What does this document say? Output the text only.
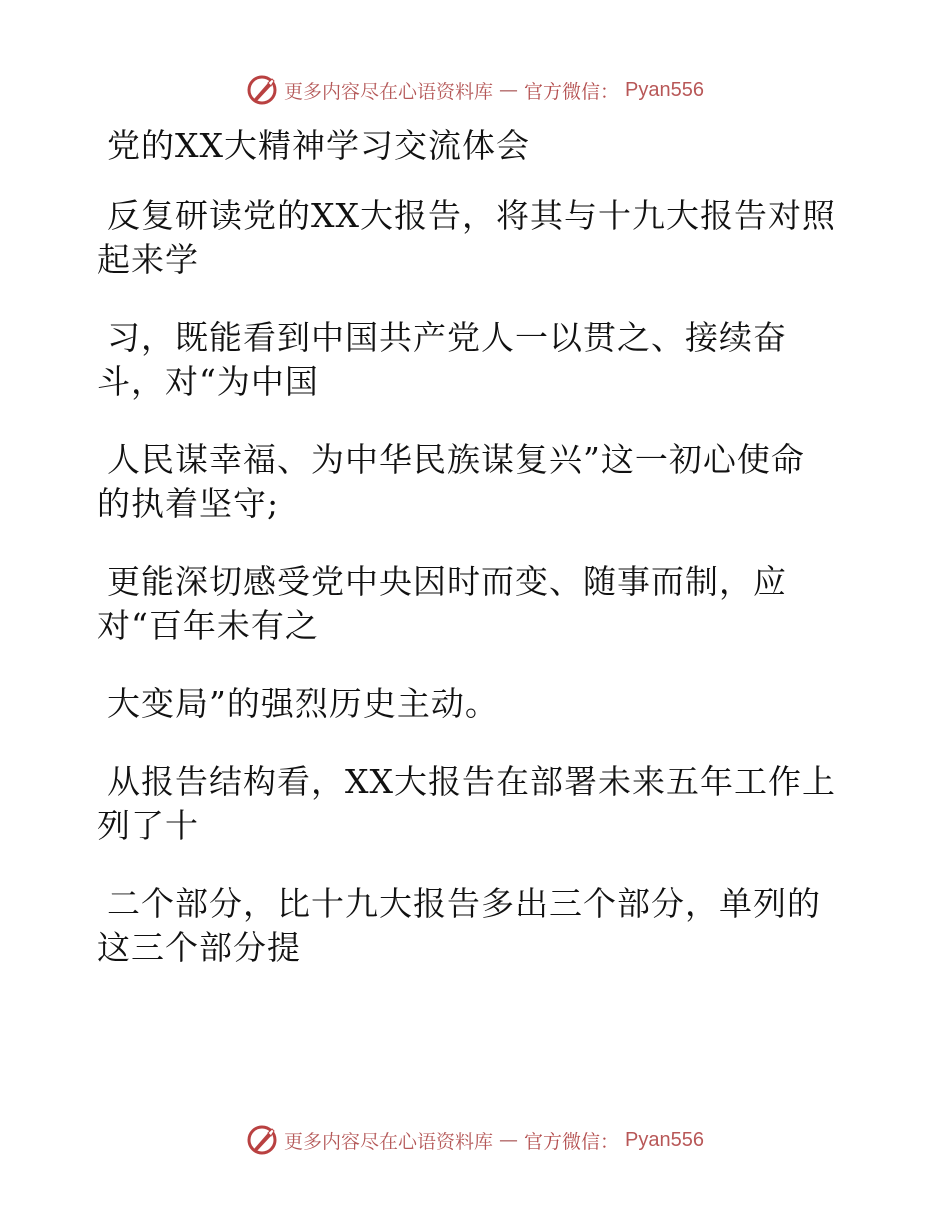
更多内容尽在心语资料库 — 官方微信： Pyan556
党的XX大精神学习交流体会
反复研读党的XX大报告，将其与十九大报告对照
起来学
习，既能看到中国共产党人一以贯之、接续奋
斗，对“为中国
人民谋幸福、为中华民族谋复兴”这一初心使命
的执着坚守;
更能深切感受党中央因时而变、随事而制，应
对“百年未有之
大变局”的强烈历史主动。
从报告结构看，XX大报告在部署未来五年工作上
列了十
二个部分，比十九大报告多出三个部分，单列的
这三个部分提
更多内容尽在心语资料库 — 官方微信： Pyan556
